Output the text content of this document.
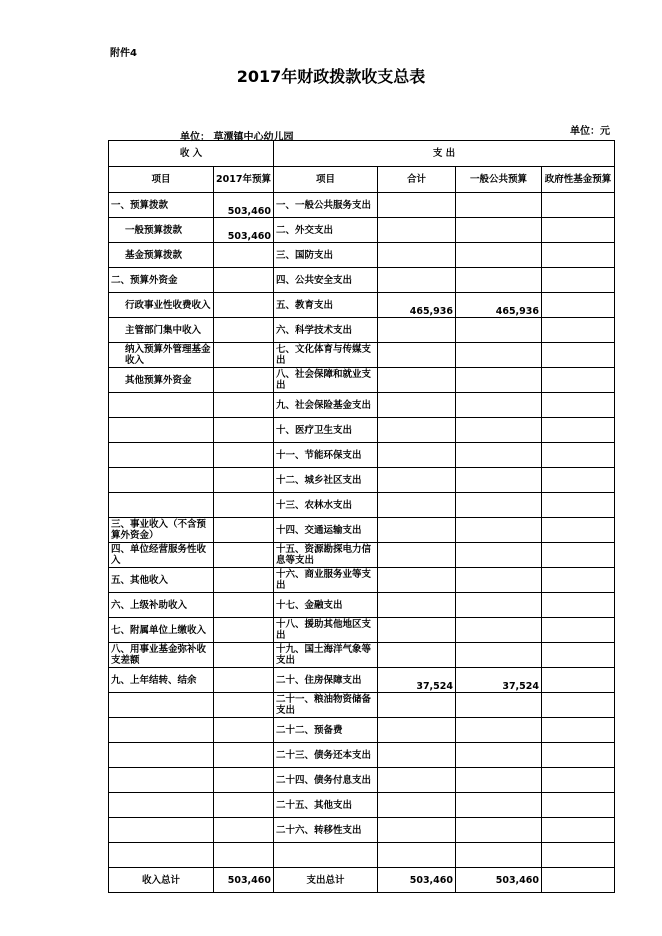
附件4
2017年财政拨款收支总表
单位： 草潭镇中心幼儿园
单位：元
收 入		支 出			
项目	2017年预算	项目	合计	一般公共预算	政府性基金预算
一、预算拨款	503,460	一、一般公共服务支出			
一般预算拨款	503,460	二、外交支出			
基金预算拨款		三、国防支出			
二、预算外资金		四、公共安全支出			
行政事业性收费收入		五、教育支出	465,936	465,936	
主管部门集中收入		六、科学技术支出			
纳入预算外管理基金收入		七、文化体育与传媒支出			
其他预算外资金		八、社会保障和就业支出			
		九、社会保险基金支出			
		十、医疗卫生支出			
		十一、节能环保支出			
		十二、城乡社区支出			
		十三、农林水支出			
三、事业收入（不含预算外资金）		十四、交通运输支出			
四、单位经营服务性收入		十五、资源勘探电力信息等支出			
五、其他收入		十六、商业服务业等支出			
六、上级补助收入		十七、金融支出			
七、附属单位上缴收入		十八、援助其他地区支出			
八、用事业基金弥补收支差额		十九、国土海洋气象等支出			
九、上年结转、结余		二十、住房保障支出	37,524	37,524	
		二十一、粮油物资储备支出			
		二十二、预备费			
		二十三、债务还本支出			
		二十四、债务付息支出			
		二十五、其他支出			
		二十六、转移性支出			

收入总计	503,460	支出总计	503,460	503,460	
